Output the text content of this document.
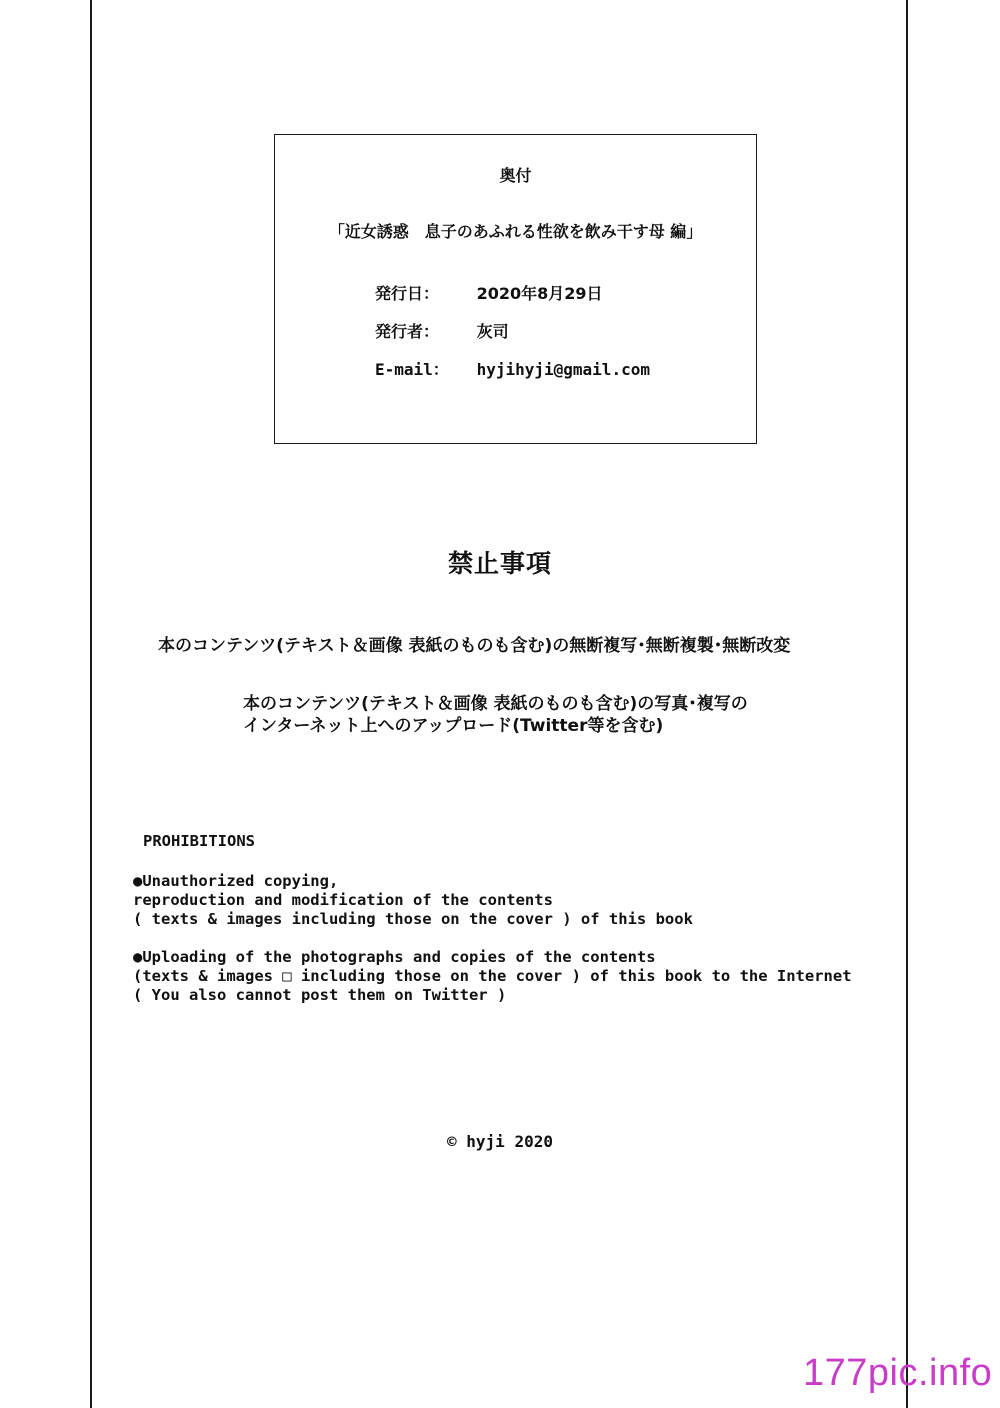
奥付
「近女誘惑　息子のあふれる性欲を飲み干す母 編」
発行日： 2020年8月29日
発行者： 灰司
E-mail： hyjihyji@gmail.com
禁止事項
本のコンテンツ(テキスト＆画像 表紙のものも含む)の無断複写･無断複製･無断改変
本のコンテンツ(テキスト＆画像 表紙のものも含む)の写真･複写の
インターネット上へのアップロード(Twitter等を含む)
PROHIBITIONS
●Unauthorized copying,
reproduction and modification of the contents
( texts & images including those on the cover ) of this book
●Uploading of the photographs and copies of the contents
(texts & images □ including those on the cover ) of this book to the Internet
( You also cannot post them on Twitter )
© hyji 2020
177pic.info
